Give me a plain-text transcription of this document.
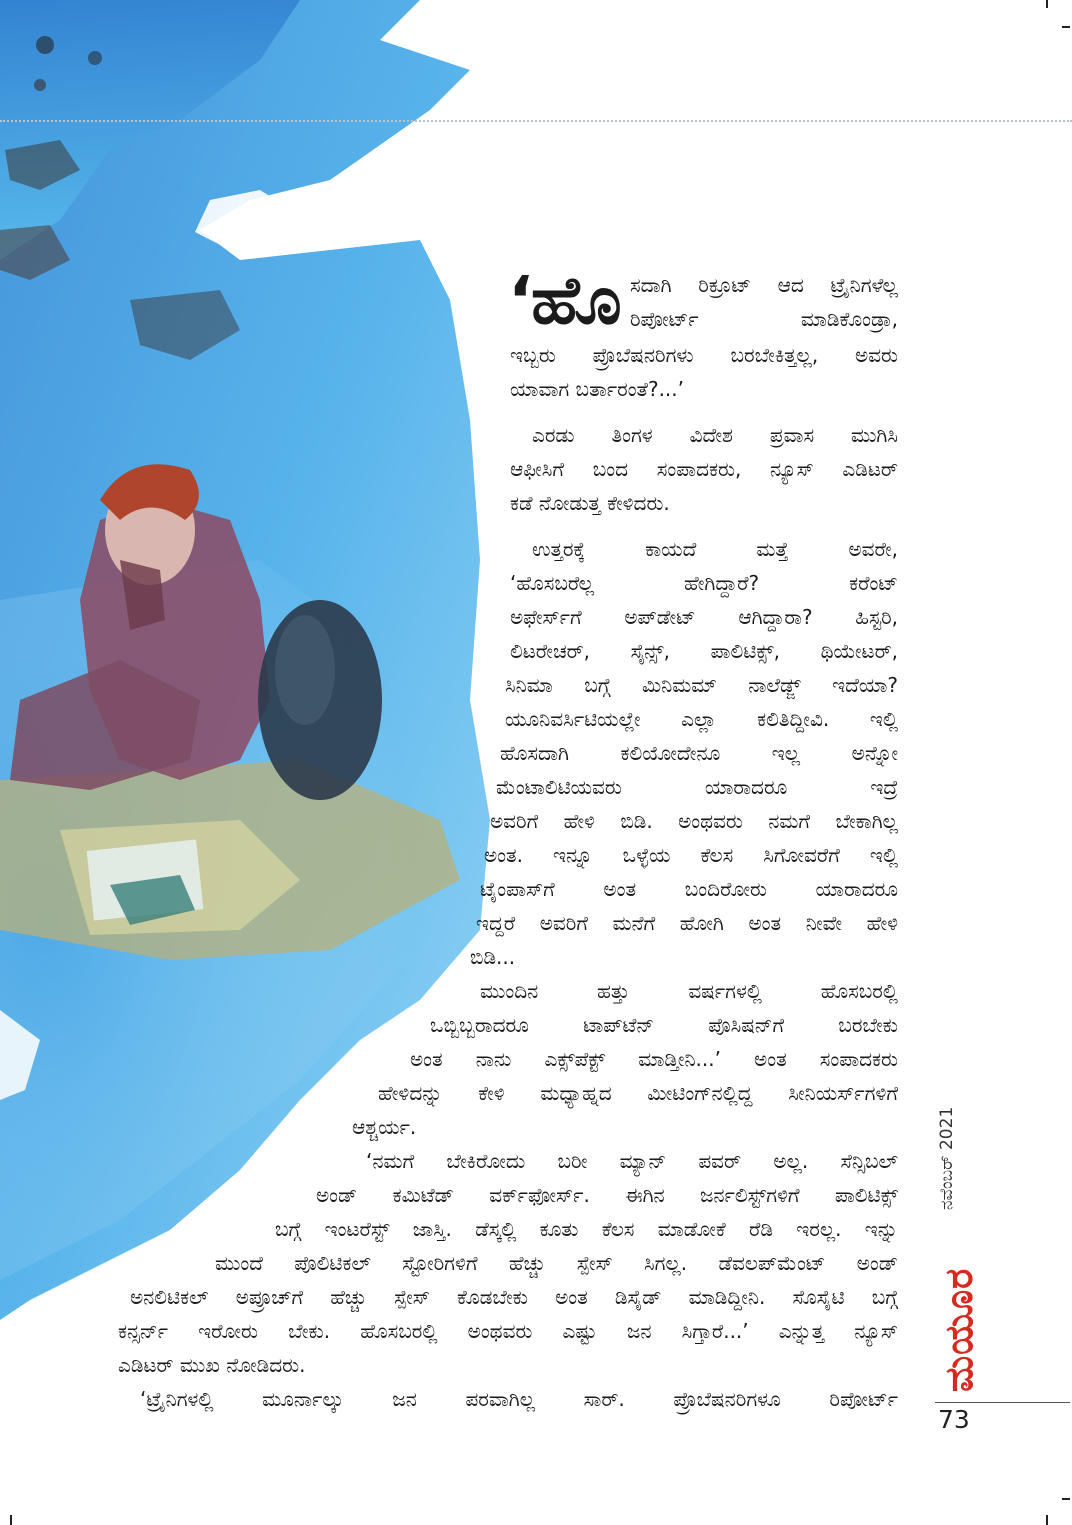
‘ಹೊ ಸದಾಗಿ ರಿಕ್ರೂಟ್ ಆದ ಟ್ರೈನಿಗಳೆಲ್ಲ
ರಿಪೋರ್ಟ್ ಮಾಡಿಕೊಂಡ್ರಾ,
ಇಬ್ಬರು ಪ್ರೊಬೆಷನರಿಗಳು ಬರಬೇಕಿತ್ತಲ್ಲ, ಅವರು
ಯಾವಾಗ ಬರ್ತಾರಂತೆ?...’
ಎರಡು ತಿಂಗಳ ವಿದೇಶ ಪ್ರವಾಸ ಮುಗಿಸಿ
ಆಫೀಸಿಗೆ ಬಂದ ಸಂಪಾದಕರು, ನ್ಯೂಸ್ ಎಡಿಟರ್
ಕಡೆ ನೋಡುತ್ತ ಕೇಳಿದರು.
ಉತ್ತರಕ್ಕೆ ಕಾಯದೆ ಮತ್ತೆ ಅವರೇ,
‘ಹೊಸಬರೆಲ್ಲ ಹೇಗಿದ್ದಾರೆ? ಕರೆಂಟ್
ಅಫೇರ್ಸ್‌ಗೆ ಅಪ್‌ಡೇಟ್ ಆಗಿದ್ದಾರಾ? ಹಿಸ್ಟರಿ,
ಲಿಟರೇಚರ್, ಸೈನ್ಸ್, ಪಾಲಿಟಿಕ್ಸ್, ಥಿಯೇಟರ್,
ಸಿನಿಮಾ ಬಗ್ಗೆ ಮಿನಿಮಮ್ ನಾಲೆಡ್ಜ್ ಇದೆಯಾ?
ಯೂನಿವರ್ಸಿಟಿಯಲ್ಲೇ ಎಲ್ಲಾ ಕಲಿತಿದ್ದೀವಿ. ಇಲ್ಲಿ
ಹೊಸದಾಗಿ ಕಲಿಯೋದೇನೂ ಇಲ್ಲ ಅನ್ನೋ
ಮೆಂಟಾಲಿಟಿಯವರು ಯಾರಾದರೂ ಇದ್ರೆ
ಅವರಿಗೆ ಹೇಳಿ ಬಿಡಿ. ಅಂಥವರು ನಮಗೆ ಬೇಕಾಗಿಲ್ಲ
ಅಂತ. ಇನ್ನೂ ಒಳ್ಳೆಯ ಕೆಲಸ ಸಿಗೋವರೆಗೆ ಇಲ್ಲಿ
ಟೈಂಪಾಸ್‌ಗೆ ಅಂತ ಬಂದಿರೋರು ಯಾರಾದರೂ
ಇದ್ದರೆ ಅವರಿಗೆ ಮನೆಗೆ ಹೋಗಿ ಅಂತ ನೀವೇ ಹೇಳಿ
ಬಿಡಿ...
ಮುಂದಿನ ಹತ್ತು ವರ್ಷಗಳಲ್ಲಿ ಹೊಸಬರಲ್ಲಿ
ಒಬ್ಬಿಬ್ಬರಾದರೂ ಟಾಪ್‌ಟೆನ್ ಪೊಸಿಷನ್‌ಗೆ ಬರಬೇಕು
ಅಂತ ನಾನು ಎಕ್ಸ್‌ಪೆಕ್ಟ್ ಮಾಡ್ತೀನಿ...’ ಅಂತ ಸಂಪಾದಕರು
ಹೇಳಿದನ್ನು ಕೇಳಿ ಮಧ್ಯಾಹ್ನದ ಮೀಟಿಂಗ್‌ನಲ್ಲಿದ್ದ ಸೀನಿಯರ್ಸ್‌ಗಳಿಗೆ
ಆಶ್ಚರ್ಯ.
‘ನಮಗೆ ಬೇಕಿರೋದು ಬರೀ ಮ್ಯಾನ್ ಪವರ್ ಅಲ್ಲ. ಸೆನ್ಸಿಬಲ್
ಅಂಡ್ ಕಮಿಟೆಡ್ ವರ್ಕ್‌ಫೋರ್ಸ್. ಈಗಿನ ಜರ್ನಲಿಸ್ಟ್‌ಗಳಿಗೆ ಪಾಲಿಟಿಕ್ಸ್
ಬಗ್ಗೆ ಇಂಟರೆಸ್ಟ್ ಜಾಸ್ತಿ. ಡೆಸ್ಕಲ್ಲಿ ಕೂತು ಕೆಲಸ ಮಾಡೋಕೆ ರೆಡಿ ಇರಲ್ಲ. ಇನ್ನು
ಮುಂದೆ ಪೊಲಿಟಿಕಲ್ ಸ್ಟೋರಿಗಳಿಗೆ ಹೆಚ್ಚು ಸ್ಪೇಸ್ ಸಿಗಲ್ಲ. ಡೆವಲಪ್‌ಮೆಂಟ್ ಅಂಡ್
ಅನಲಿಟಿಕಲ್ ಅಪ್ರೂಚ್‌ಗೆ ಹೆಚ್ಚು ಸ್ಪೇಸ್ ಕೊಡಬೇಕು ಅಂತ ಡಿಸೈಡ್ ಮಾಡಿದ್ದೀನಿ. ಸೊಸೈಟಿ ಬಗ್ಗೆ
ಕನ್ಸರ್ನ್ ಇರೋರು ಬೇಕು. ಹೊಸಬರಲ್ಲಿ ಅಂಥವರು ಎಷ್ಟು ಜನ ಸಿಗ್ತಾರೆ...’ ಎನ್ನುತ್ತ ನ್ಯೂಸ್
ಎಡಿಟರ್ ಮುಖ ನೋಡಿದರು.
‘ಟ್ರೈನಿಗಳಲ್ಲಿ ಮೂರ್ನಾಲ್ಕು ಜನ ಪರವಾಗಿಲ್ಲ ಸಾರ್. ಪ್ರೊಬೆಷನರಿಗಳೂ ರಿಪೋರ್ಟ್
ನವೆಂಬರ್ 2021
ಮಯೂರ
73
